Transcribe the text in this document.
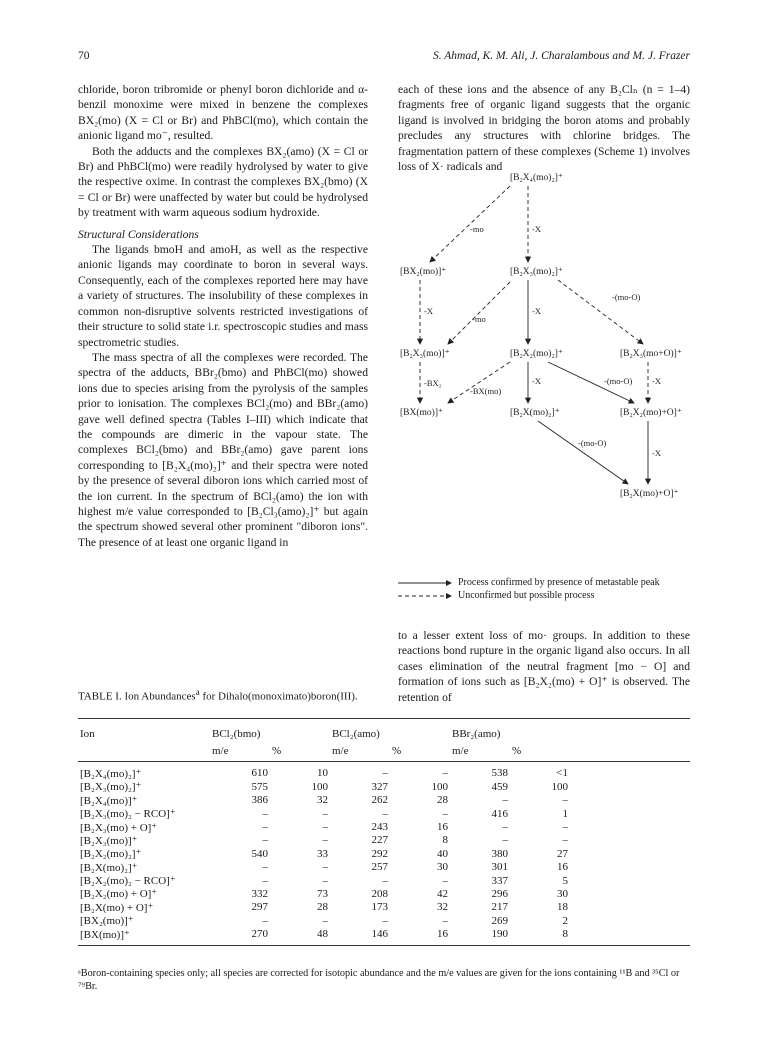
70	S. Ahmad, K. M. Ali, J. Charalambous and M. J. Frazer

chloride, boron tribromide or phenyl boron dichloride and α-benzil monoxime were mixed in benzene the complexes BX₂(mo) (X = Cl or Br) and PhBCl(mo), which contain the anionic ligand mo⁻, resulted.

Both the adducts and the complexes BX₂(amo) (X = Cl or Br) and PhBCl(mo) were readily hydrolysed by water to give the respective oxime. In contrast the complexes BX₂(bmo) (X = Cl or Br) were unaffected by water but could be hydrolysed by treatment with warm aqueous sodium hydroxide.

Structural Considerations

The ligands bmoH and amoH, as well as the respective anionic ligands may coordinate to boron in several ways. Consequently, each of the complexes reported here may have a variety of structures. The insolubility of these complexes in common non-disruptive solvents restricted investigations of their structure to solid state i.r. spectroscopic studies and mass spectrometric studies.

The mass spectra of all the complexes were recorded. The spectra of the adducts, BBr₂(bmo) and PhBCl(mo) showed ions due to species arising from the pyrolysis of the samples prior to ionisation. The complexes BCl₂(mo) and BBr₂(amo) gave well defined spectra (Tables I–III) which indicate that the compounds are dimeric in the vapour state. The complexes BCl₂(bmo) and BBr₂(amo) gave parent ions corresponding to [B₂X₄(mo)₂]⁺ and their spectra were noted by the presence of several diboron ions which carried most of the ion current. In the spectrum of BCl₂(amo) the ion with highest m/e value corresponded to [B₂Cl₃(amo)₂]⁺ but again the spectrum showed several other prominent "diboron ions". The presence of at least one organic ligand in

each of these ions and the absence of any B₂Clₙ (n = 1–4) fragments free of organic ligand suggests that the organic ligand is involved in bridging the boron atoms and probably precludes any structures with chlorine bridges. The fragmentation pattern of these complexes (Scheme 1) involves loss of X· radicals and

[B₂X₄(mo)₂]⁺
[BX₂(mo)]⁺	[B₂X₃(mo)₂]⁺
[B₂X₃(mo)]⁺	[B₂X₂(mo)₂]⁺	[B₂X₃(mo+O)]⁺
[BX(mo)]⁺	[B₂X(mo)₂]⁺	[B₂X₂(mo)+O]⁺
[B₂X(mo)+O]⁺
-mo	-X
-(mo-O)
-X
-mo
-X
-BX₂
-BX(mo)
-X	-(mo-O) -X
-(mo-O)
-X
Process confirmed by presence of metastable peak
Unconfirmed but possible process

to a lesser extent loss of mo· groups. In addition to these reactions bond rupture in the organic ligand also occurs. In all cases elimination of the neutral fragment [mo − O] and formation of ions such as [B₂X₂(mo) + O]⁺ is observed. The retention of

TABLE I. Ion Abundances$^a$ for Dihalo(monoximato)boron(III).
Ion	BCl₂(bmo)		BCl₂(amo)		BBr₂(amo)		
	m/e	%	m/e	%	m/e	%	
[B₂X₄(mo)₂]⁺	610	10	–	–	538	<1	
[B₂X₃(mo)₂]⁺	575	100	327	100	459	100	
[B₂X₄(mo)]⁺	386	32	262	28	–	–	
[B₂X₃(mo)₂ − RCO]⁺	–	–	–	–	416	1	
[B₂X₃(mo) + O]⁺	–	–	243	16	–	–	
[B₂X₃(mo)]⁺	–	–	227	8	–	–	
[B₂X₂(mo)₂]⁺	540	33	292	40	380	27	
[B₂X(mo)₂]⁺	–	–	257	30	301	16	
[B₂X₂(mo)₂ − RCO]⁺	–	–	–	–	337	5	
[B₂X₂(mo) + O]⁺	332	73	208	42	296	30	
[B₂X(mo) + O]⁺	297	28	173	32	217	18	
[BX₂(mo)]⁺	–	–	–	–	269	2	
[BX(mo)]⁺	270	48	146	16	190	8	
ᵃBoron-containing species only; all species are corrected for isotopic abundance and the m/e values are given for the ions containing ¹¹B and ³⁵Cl or ⁷⁹Br.
